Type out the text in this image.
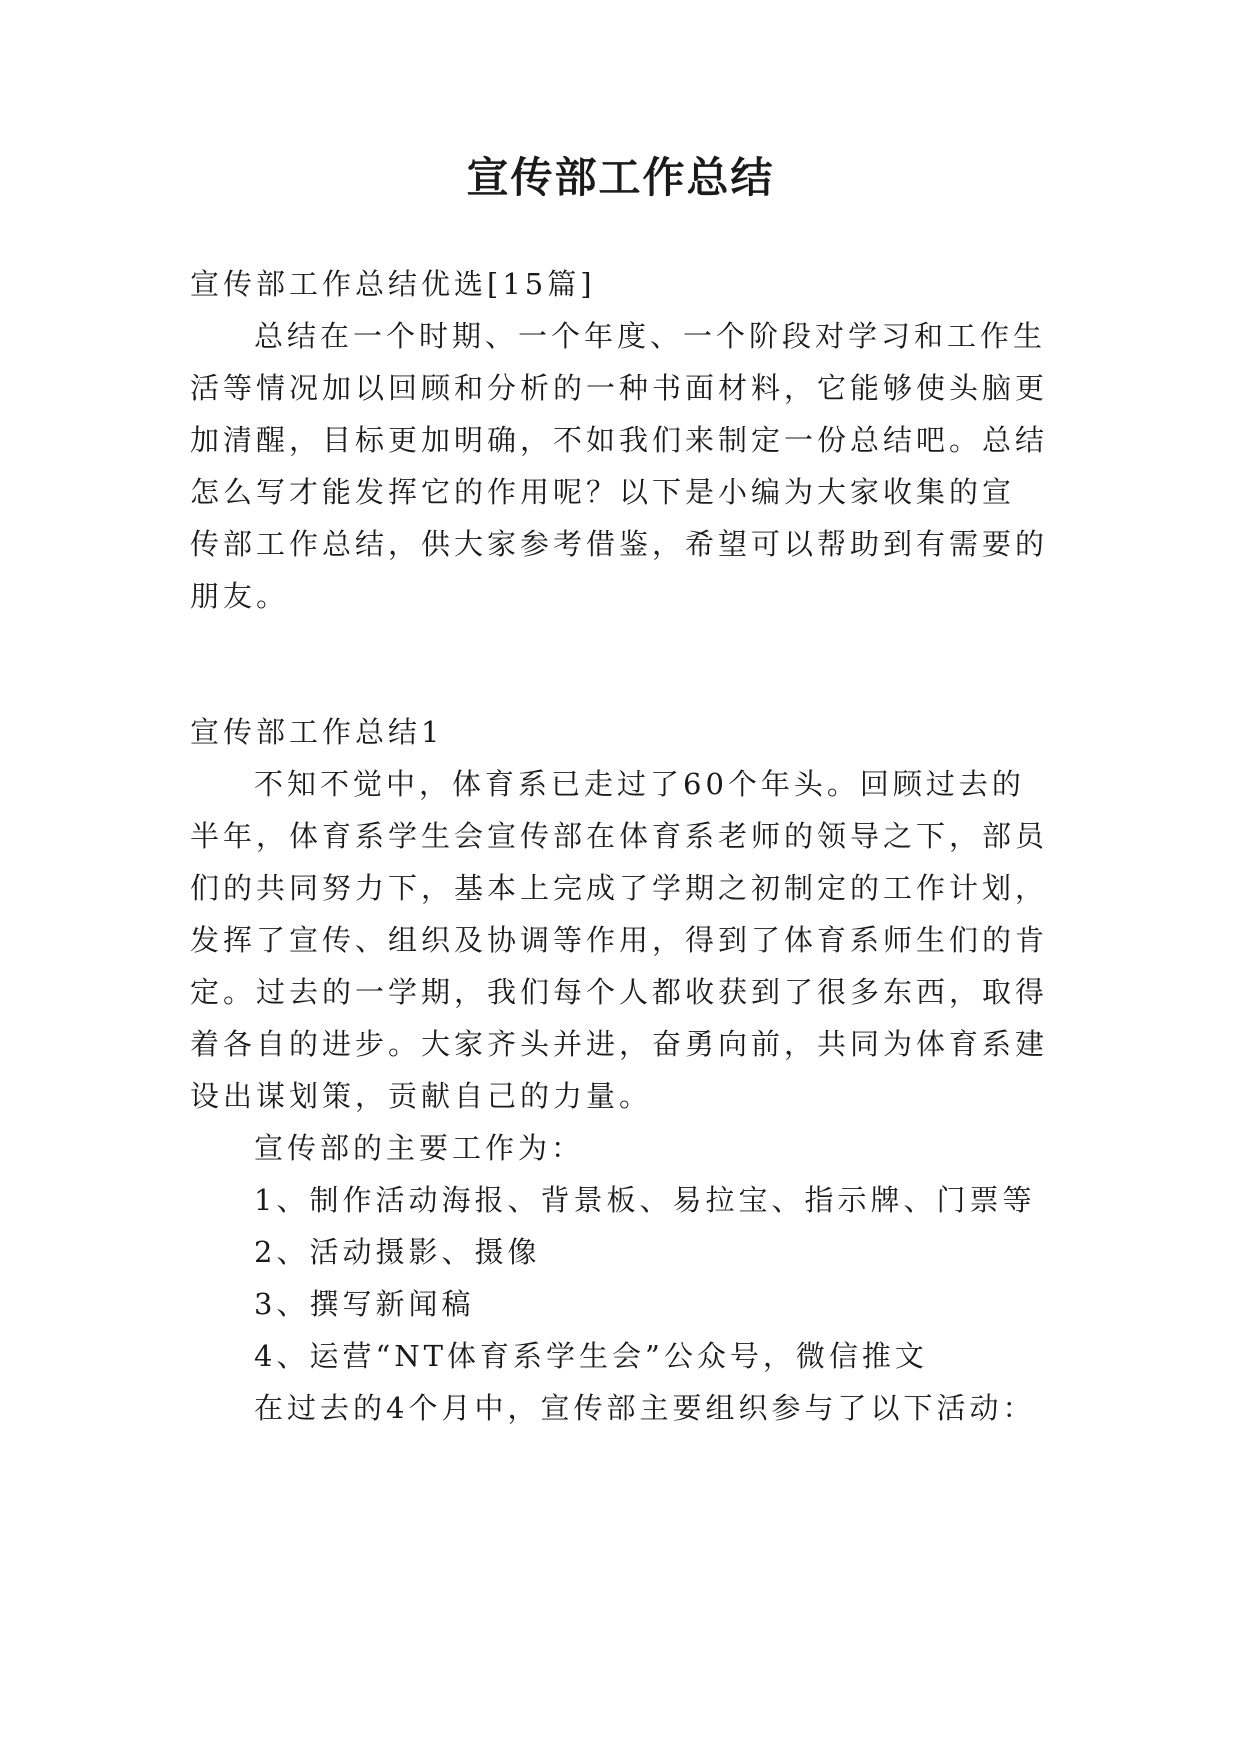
宣传部工作总结
宣传部工作总结优选[15篇]
总结在一个时期、一个年度、一个阶段对学习和工作生
活等情况加以回顾和分析的一种书面材料，它能够使头脑更
加清醒，目标更加明确，不如我们来制定一份总结吧。总结
怎么写才能发挥它的作用呢？以下是小编为大家收集的宣
传部工作总结，供大家参考借鉴，希望可以帮助到有需要的
朋友。
宣传部工作总结1
不知不觉中，体育系已走过了60个年头。回顾过去的
半年，体育系学生会宣传部在体育系老师的领导之下，部员
们的共同努力下，基本上完成了学期之初制定的工作计划，
发挥了宣传、组织及协调等作用，得到了体育系师生们的肯
定。过去的一学期，我们每个人都收获到了很多东西，取得
着各自的进步。大家齐头并进，奋勇向前，共同为体育系建
设出谋划策，贡献自己的力量。
宣传部的主要工作为：
1、制作活动海报、背景板、易拉宝、指示牌、门票等
2、活动摄影、摄像
3、撰写新闻稿
4、运营“NT体育系学生会”公众号，微信推文
在过去的4个月中，宣传部主要组织参与了以下活动：
